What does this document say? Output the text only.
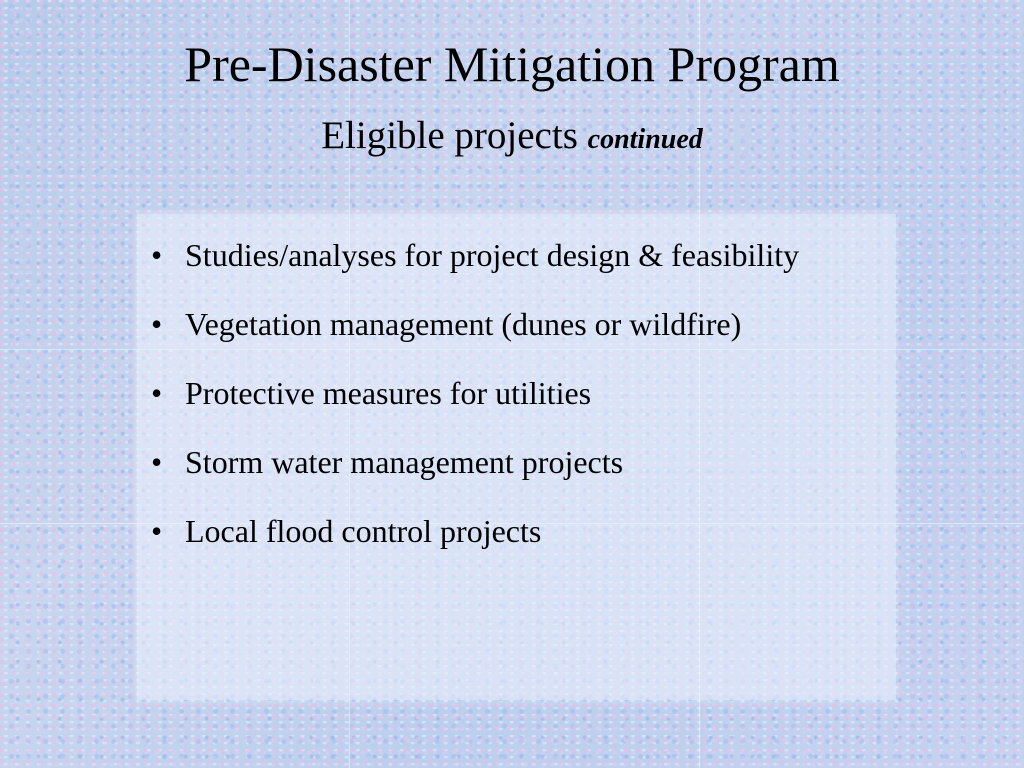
Pre-Disaster Mitigation Program
Eligible projects continued
• Studies/analyses for project design & feasibility
• Vegetation management (dunes or wildfire)
• Protective measures for utilities
• Storm water management projects
• Local flood control projects
